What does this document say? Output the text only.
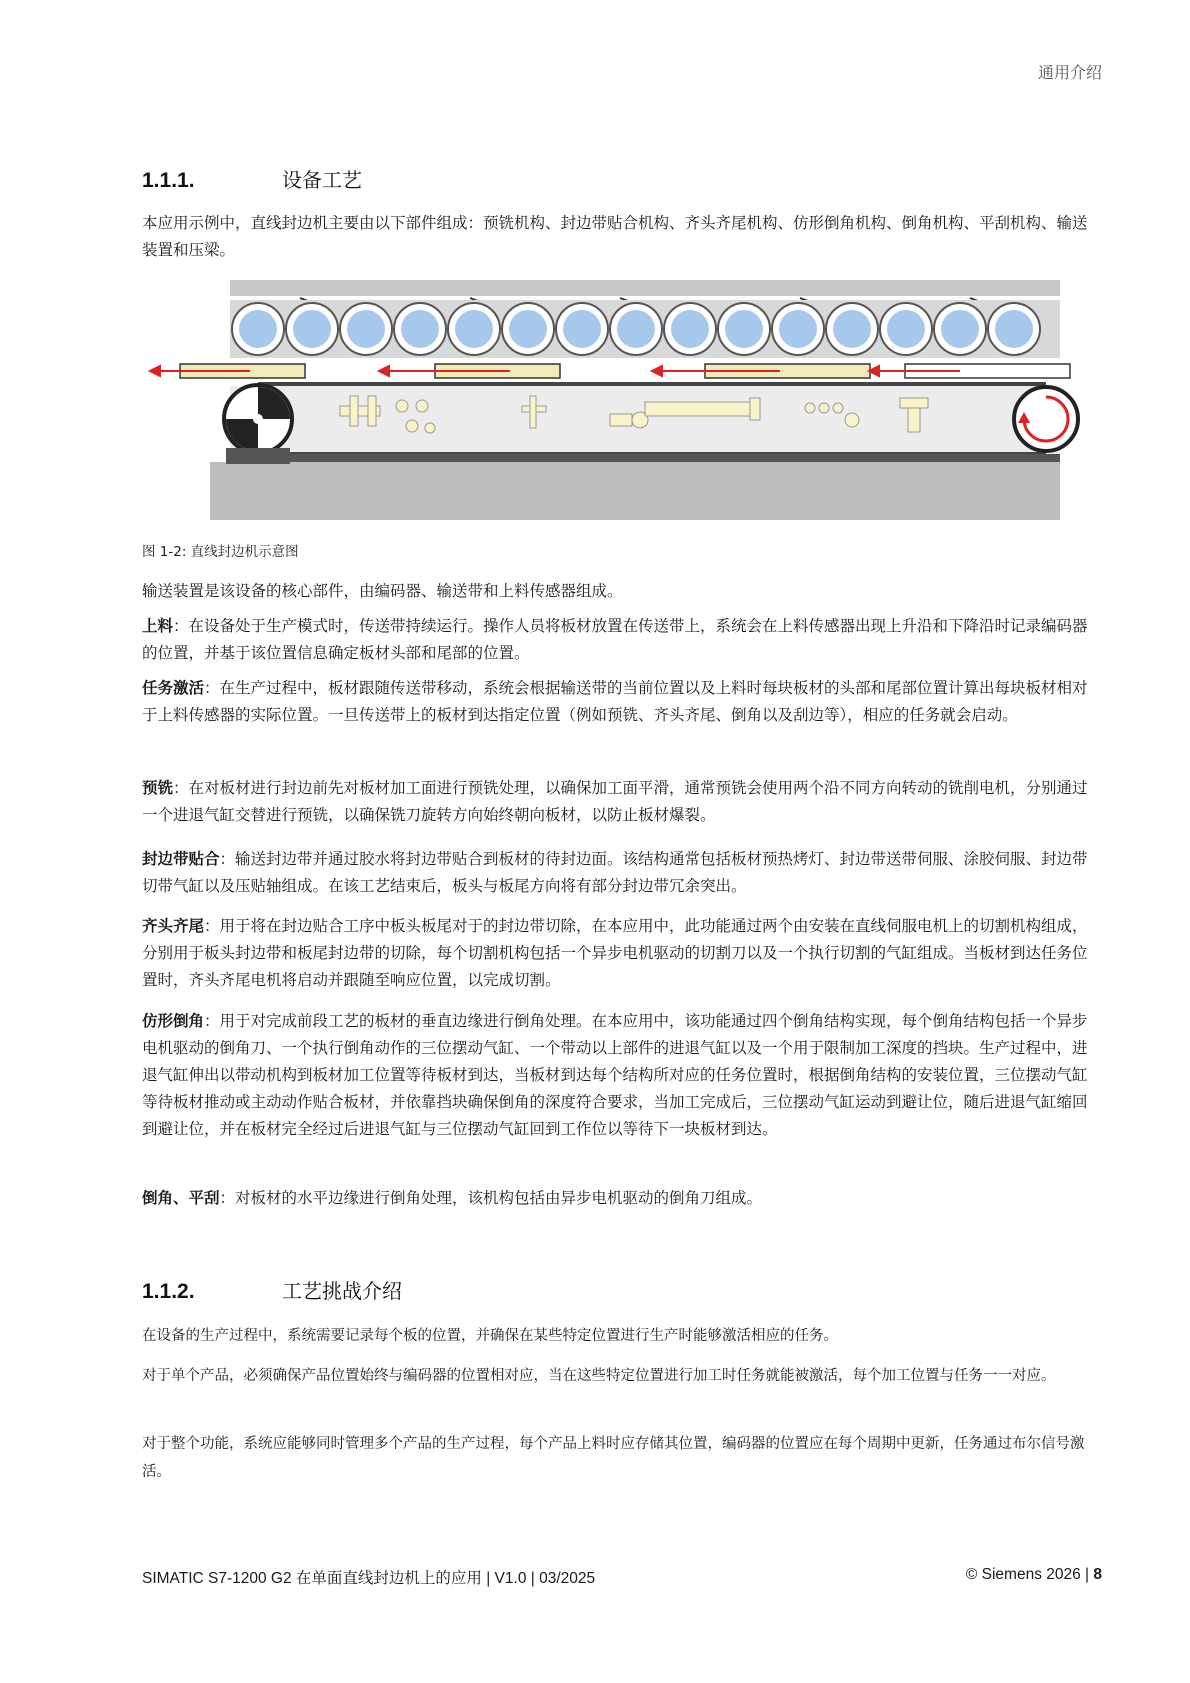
通用介绍
1.1.1.	设备工艺
本应用示例中，直线封边机主要由以下部件组成：预铣机构、封边带贴合机构、齐头齐尾机构、仿形倒角机构、倒角机构、平刮机构、输送装置和压梁。
图 1-2: 直线封边机示意图
输送装置是该设备的核心部件，由编码器、输送带和上料传感器组成。
上料：在设备处于生产模式时，传送带持续运行。操作人员将板材放置在传送带上，系统会在上料传感器出现上升沿和下降沿时记录编码器的位置，并基于该位置信息确定板材头部和尾部的位置。
任务激活：在生产过程中，板材跟随传送带移动，系统会根据输送带的当前位置以及上料时每块板材的头部和尾部位置计算出每块板材相对于上料传感器的实际位置。一旦传送带上的板材到达指定位置（例如预铣、齐头齐尾、倒角以及刮边等），相应的任务就会启动。
预铣：在对板材进行封边前先对板材加工面进行预铣处理，以确保加工面平滑，通常预铣会使用两个沿不同方向转动的铣削电机，分别通过一个进退气缸交替进行预铣，以确保铣刀旋转方向始终朝向板材，以防止板材爆裂。
封边带贴合：输送封边带并通过胶水将封边带贴合到板材的待封边面。该结构通常包括板材预热烤灯、封边带送带伺服、涂胶伺服、封边带切带气缸以及压贴轴组成。在该工艺结束后，板头与板尾方向将有部分封边带冗余突出。
齐头齐尾：用于将在封边贴合工序中板头板尾对于的封边带切除，在本应用中，此功能通过两个由安装在直线伺服电机上的切割机构组成，分别用于板头封边带和板尾封边带的切除，每个切割机构包括一个异步电机驱动的切割刀以及一个执行切割的气缸组成。当板材到达任务位置时，齐头齐尾电机将启动并跟随至响应位置，以完成切割。
仿形倒角：用于对完成前段工艺的板材的垂直边缘进行倒角处理。在本应用中，该功能通过四个倒角结构实现，每个倒角结构包括一个异步电机驱动的倒角刀、一个执行倒角动作的三位摆动气缸、一个带动以上部件的进退气缸以及一个用于限制加工深度的挡块。生产过程中，进退气缸伸出以带动机构到板材加工位置等待板材到达，当板材到达每个结构所对应的任务位置时，根据倒角结构的安装位置，三位摆动气缸等待板材推动或主动动作贴合板材，并依靠挡块确保倒角的深度符合要求，当加工完成后，三位摆动气缸运动到避让位，随后进退气缸缩回到避让位，并在板材完全经过后进退气缸与三位摆动气缸回到工作位以等待下一块板材到达。
倒角、平刮：对板材的水平边缘进行倒角处理，该机构包括由异步电机驱动的倒角刀组成。
1.1.2.	工艺挑战介绍
在设备的生产过程中，系统需要记录每个板的位置，并确保在某些特定位置进行生产时能够激活相应的任务。
对于单个产品，必须确保产品位置始终与编码器的位置相对应，当在这些特定位置进行加工时任务就能被激活，每个加工位置与任务一一对应。
对于整个功能，系统应能够同时管理多个产品的生产过程，每个产品上料时应存储其位置，编码器的位置应在每个周期中更新，任务通过布尔信号激活。
SIMATIC S7-1200 G2 在单面直线封边机上的应用 | V1.0 | 03/2025	© Siemens 2026 | 8
